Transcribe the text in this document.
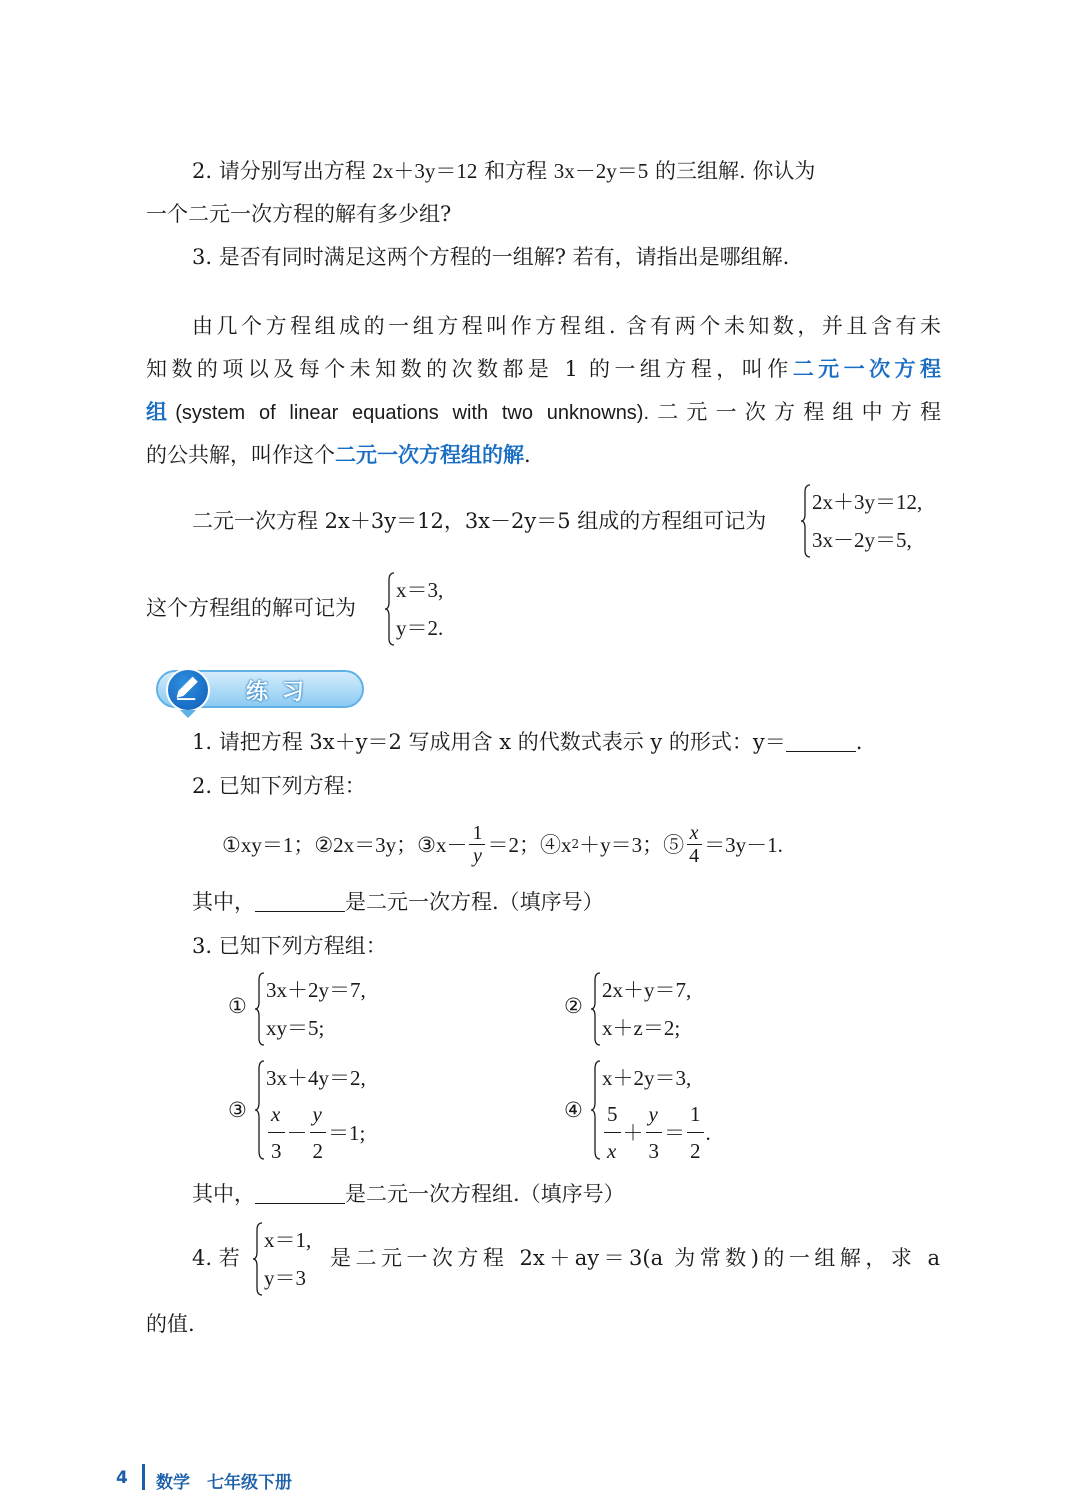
2. 请分别写出方程 2x＋3y＝12 和方程 3x－2y＝5 的三组解. 你认为
一个二元一次方程的解有多少组?
3. 是否有同时满足这两个方程的一组解? 若有，请指出是哪组解.
由几个方程组成的一组方程叫作方程组. 含有两个未知数，并且含有未
知数的项以及每个未知数的次数都是 1 的一组方程，叫作二元一次方程
组(system of linear equations with two unknowns).二元一次方程组中方程
的公共解，叫作这个二元一次方程组的解.
二元一次方程 2x＋3y＝12，3x－2y＝5 组成的方程组可记为
2x＋3y＝12,
3x－2y＝5,
这个方程组的解可记为
x＝3,
y＝2.
练习
1. 请把方程 3x＋y＝2 写成用含 x 的代数式表示 y 的形式：y＝	.
2. 已知下列方程：
①xy＝1；②2x＝3y；③x－ $\frac{1}{y} =2$；④x 2 ＋y＝3；⑤ $\frac{x}{4} =3y-1$.
其中，	是二元一次方程.（填序号）
3. 已知下列方程组：
①
3x＋2y＝7,
xy＝5;
②
2x＋y＝7,
x＋z＝2;
③
3x＋4y＝2,
$\frac{x}{3} - \frac{y}{2} =1$;
④
x＋2y＝3,
$\frac{5}{x} + \frac{y}{3} = \frac{1}{2}$ .
其中，	是二元一次方程组.（填序号）
4. 若
x＝1,
y＝3
是二元一次方程 2x＋ay＝3(a 为常数)的一组解，求 a
的值.
4 数学　七年级下册
